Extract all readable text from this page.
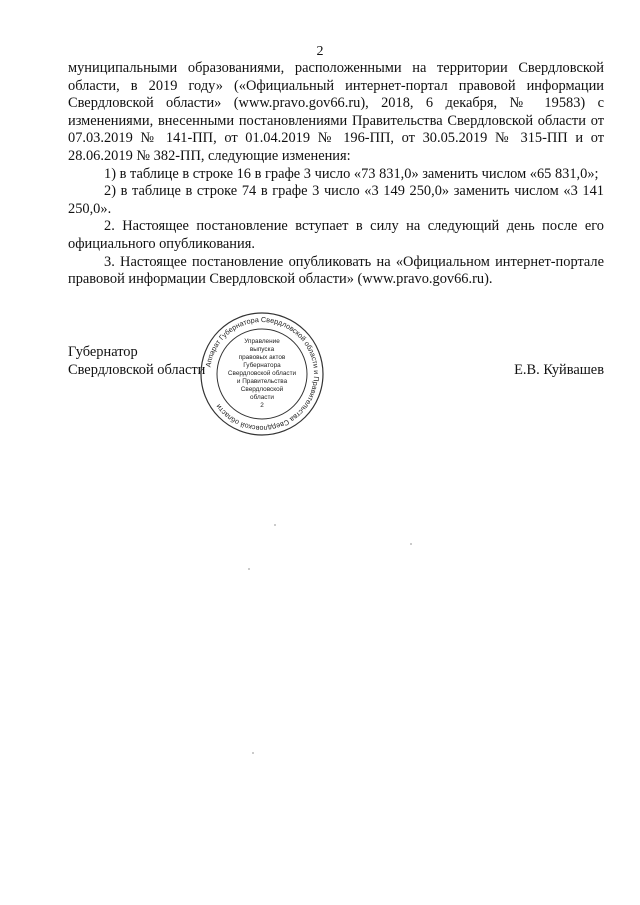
2

муниципальными образованиями, расположенными на территории Свердловской области, в 2019 году» («Официальный интернет-портал правовой информации Свердловской области» (www.pravo.gov66.ru), 2018, 6 декабря, № 19583) с изменениями, внесенными постановлениями Правительства Свердловской области от 07.03.2019 № 141-ПП, от 01.04.2019 № 196-ПП, от 30.05.2019 № 315-ПП и от 28.06.2019 № 382-ПП, следующие изменения:

1) в таблице в строке 16 в графе 3 число «73 831,0» заменить числом «65 831,0»;

2) в таблице в строке 74 в графе 3 число «3 149 250,0» заменить числом «3 141 250,0».

2. Настоящее постановление вступает в силу на следующий день после его официального опубликования.

3. Настоящее постановление опубликовать на «Официальном интернет-портале правовой информации Свердловской области» (www.pravo.gov66.ru).

Губернатор
Свердловской области	Е.В. Куйвашев
Аппарат Губернатора Свердловской области и Правительства Свердловской области
Управление
выпуска
правовых актов
Губернатора
Свердловской области
и Правительства
Свердловской
области
2
